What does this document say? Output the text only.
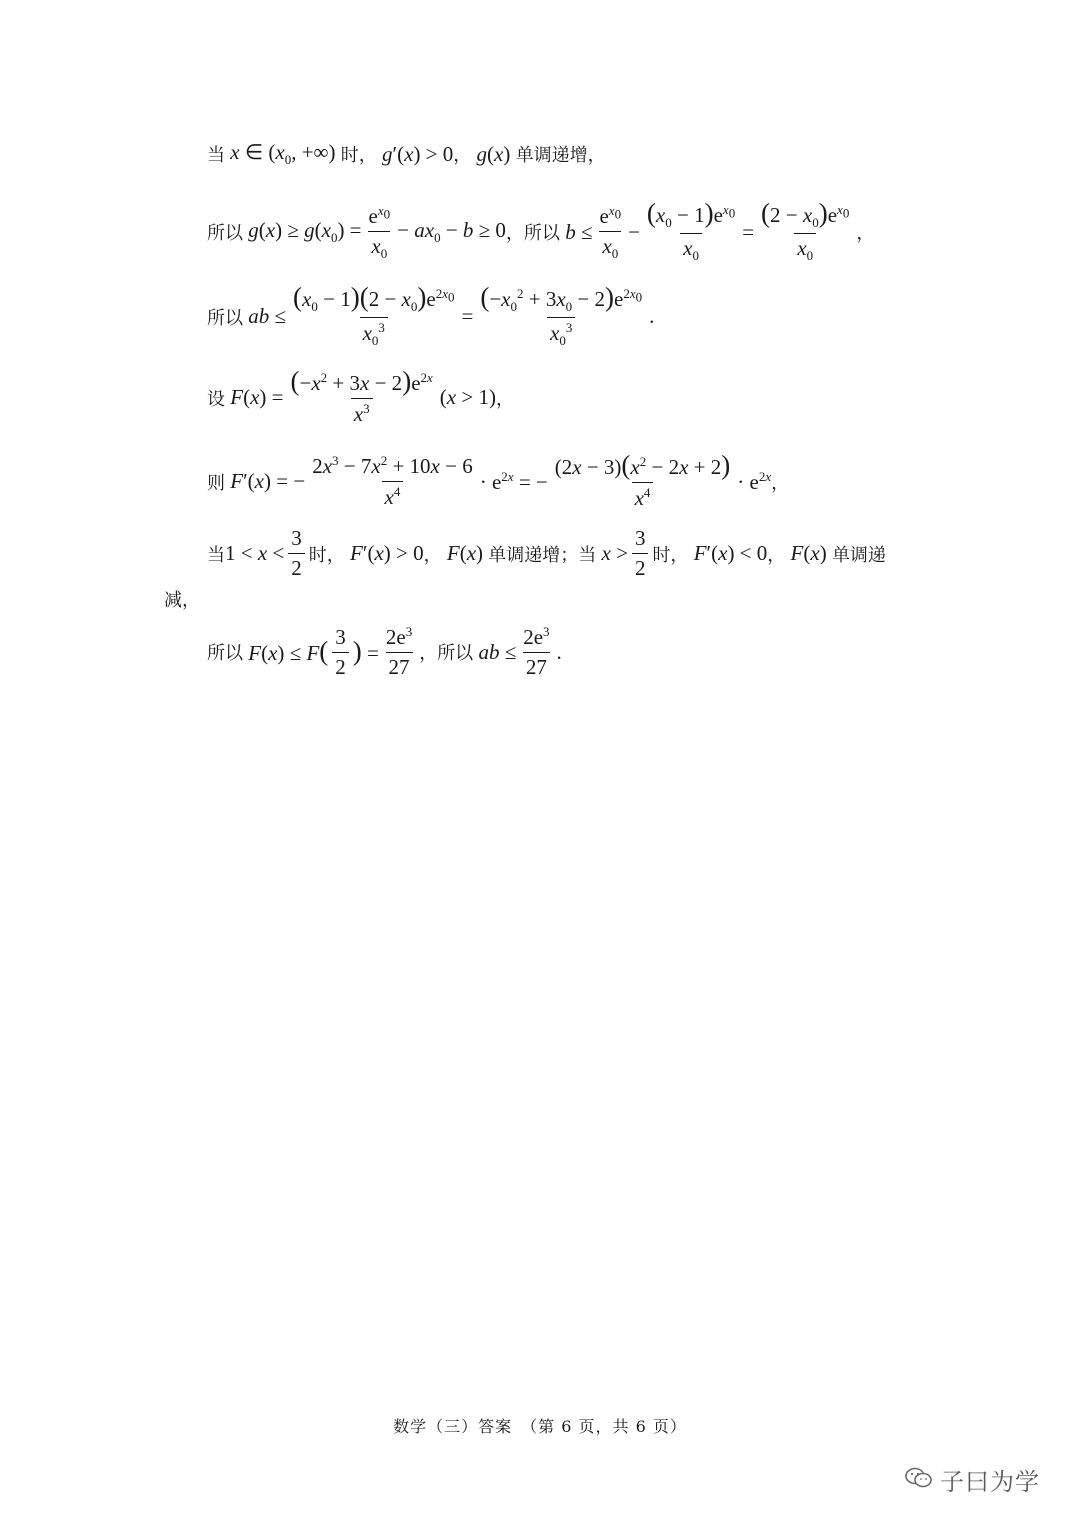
当 x ∈ ($x_0$, +∞) 时， g′(x) > 0 ， g(x) 单调递增，
所以 $g(x) \ge g(x_0) = \frac{e^{x_0}}{x_0} - ax_0 - b \ge 0$ ，所以 $b \le \frac{e^{x_0}}{x_0} - \frac{(x_0 - 1)e^{x_0}}{x_0} = \frac{(2 - x_0)e^{x_0}}{x_0}$ ，
所以 ab ≤ $\frac{(x_0 - 1)(2 - x_0)e^{2x_0}}{x_0^3} = \frac{(-x_0^2 + 3x_0 - 2)e^{2x_0}}{x_0^3}$ .
设 $F(x) = \frac{(-x^2 + 3x - 2)e^{2x}}{x^3} (x > 1)$ ，
则 F′(x) = − $\frac{2x^3 - 7x^2 + 10x - 6}{x^4} \cdot e^{2x}$ = − $\frac{(2x - 3)(x^2 - 2x + 2)}{x^4} \cdot e^{2x}$ ，
当 $1 < x < \frac{3}{2}$ 时， F′(x) > 0 ， F(x) 单调递增；当 $x > \frac{3}{2}$ 时， F′(x) < 0 ， F(x) 单调递
减，
所以 $F(x) \le F( \frac{3}{2}$ ) = $\frac{2e^3}{27}$ ，所以 ab ≤ $\frac{2e^3}{27}$ .
数学（三）答案　（第 6 页，共 6 页）
子曰为学
